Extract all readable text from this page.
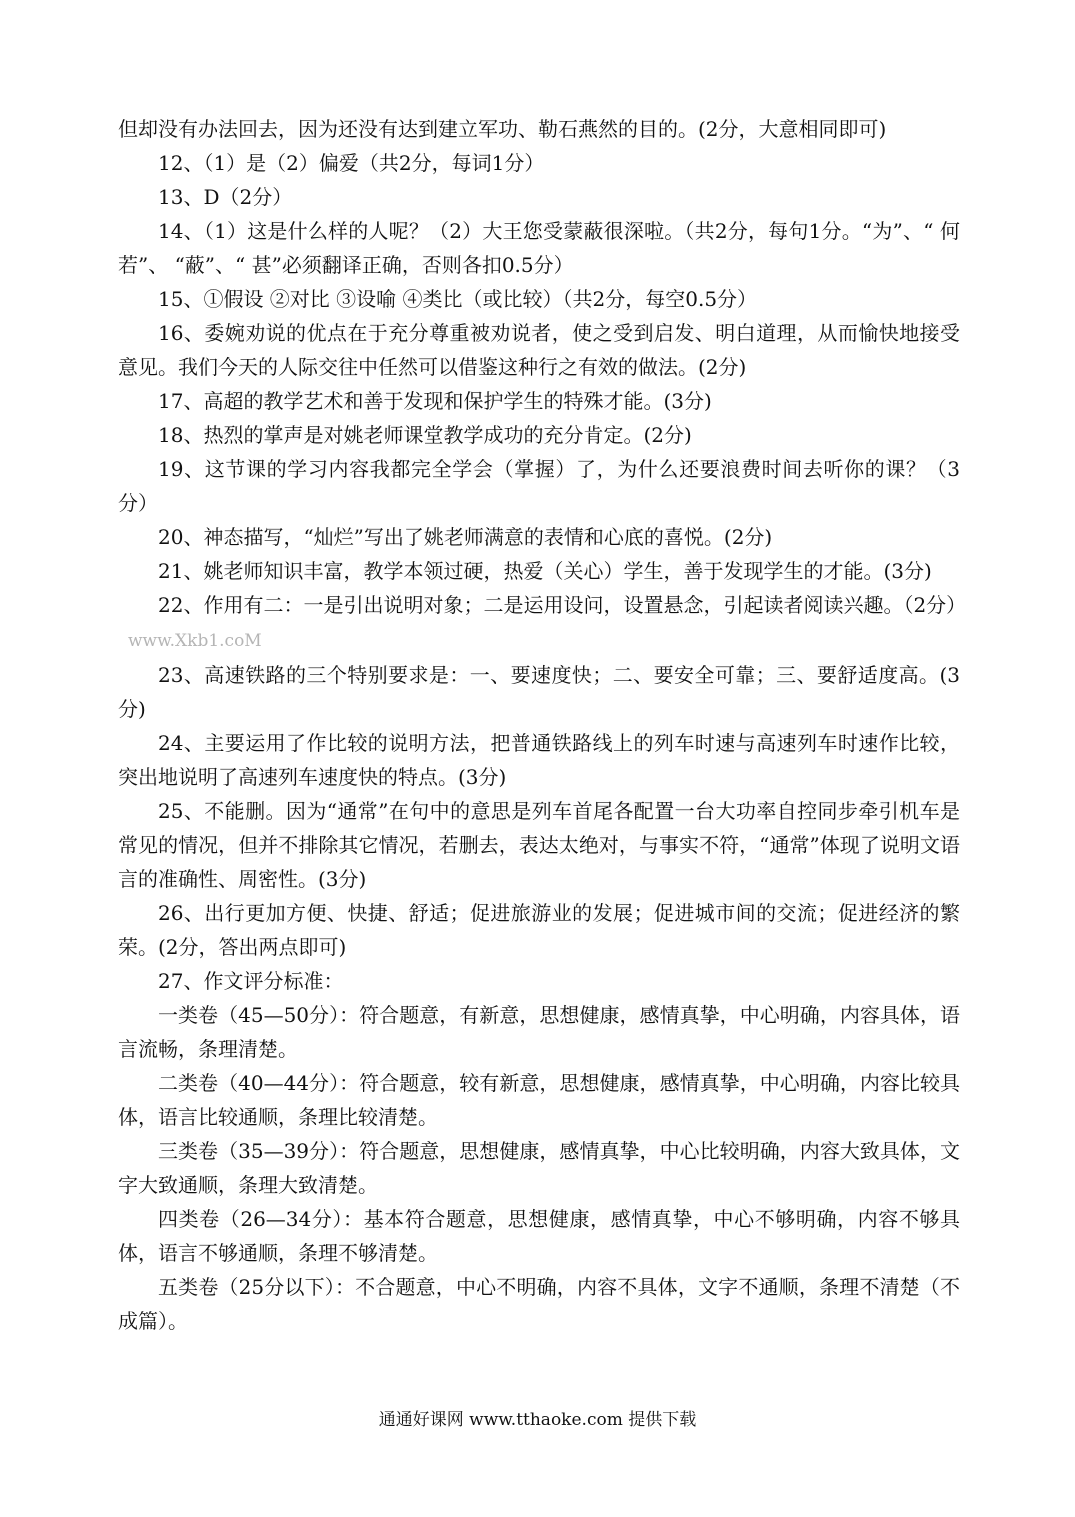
但却没有办法回去，因为还没有达到建立军功、勒石燕然的目的。(2分，大意相同即可)

12、（1）是（2）偏爱（共2分，每词1分）

13、D（2分）

14、（1）这是什么样的人呢？（2）大王您受蒙蔽很深啦。（共2分，每句1分。“为”、“ 何若”、 “蔽”、“ 甚”必须翻译正确，否则各扣0.5分）

15、①假设 ②对比 ③设喻 ④类比（或比较）（共2分，每空0.5分）

16、委婉劝说的优点在于充分尊重被劝说者，使之受到启发、明白道理，从而愉快地接受意见。我们今天的人际交往中任然可以借鉴这种行之有效的做法。(2分)

17、高超的教学艺术和善于发现和保护学生的特殊才能。(3分)

18、热烈的掌声是对姚老师课堂教学成功的充分肯定。(2分)

19、这节课的学习内容我都完全学会（掌握）了，为什么还要浪费时间去听你的课？（3分）

20、神态描写，“灿烂”写出了姚老师满意的表情和心底的喜悦。(2分)

21、姚老师知识丰富，教学本领过硬，热爱（关心）学生，善于发现学生的才能。(3分)

22、作用有二：一是引出说明对象；二是运用设问，设置悬念，引起读者阅读兴趣。（2分）www.Xkb1.coM

23、高速铁路的三个特别要求是：一、要速度快；二、要安全可靠；三、要舒适度高。(3分)

24、主要运用了作比较的说明方法，把普通铁路线上的列车时速与高速列车时速作比较，突出地说明了高速列车速度快的特点。(3分)

25、不能删。因为“通常”在句中的意思是列车首尾各配置一台大功率自控同步牵引机车是常见的情况，但并不排除其它情况，若删去，表达太绝对，与事实不符，“通常”体现了说明文语言的准确性、周密性。(3分)

26、出行更加方便、快捷、舒适；促进旅游业的发展；促进城市间的交流；促进经济的繁荣。(2分，答出两点即可)

27、作文评分标准：

一类卷（45—50分）：符合题意，有新意，思想健康，感情真挚，中心明确，内容具体，语言流畅，条理清楚。

二类卷（40—44分）：符合题意，较有新意，思想健康，感情真挚，中心明确，内容比较具体，语言比较通顺，条理比较清楚。

三类卷（35—39分）：符合题意，思想健康，感情真挚，中心比较明确，内容大致具体，文字大致通顺，条理大致清楚。

四类卷（26—34分）：基本符合题意，思想健康，感情真挚，中心不够明确，内容不够具体，语言不够通顺，条理不够清楚。

五类卷（25分以下）：不合题意，中心不明确，内容不具体，文字不通顺，条理不清楚（不成篇）。

通通好课网 www.tthaoke.com 提供下载
